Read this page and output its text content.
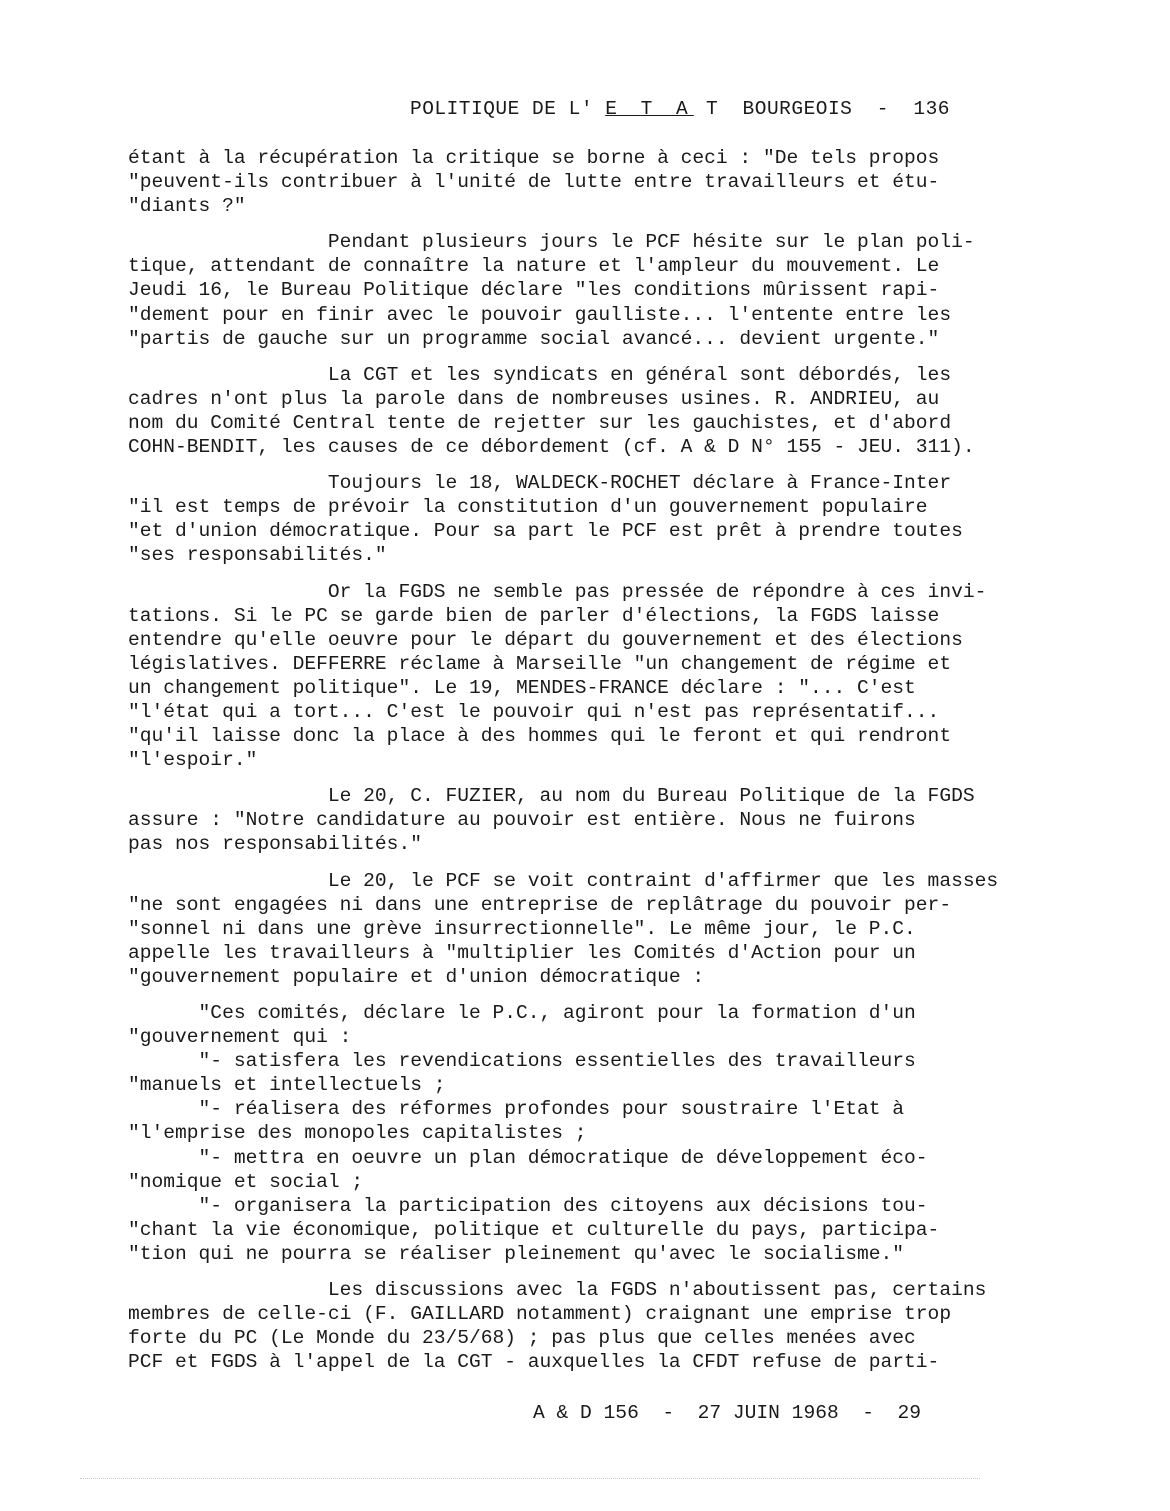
POLITIQUE DE L' E T A T  BOURGEOIS  -  136
étant à la récupération la critique se borne à ceci : "De tels propos
"peuvent-ils contribuer à l'unité de lutte entre travailleurs et étu-
"diants ?"
Pendant plusieurs jours le PCF hésite sur le plan poli-
tique, attendant de connaître la nature et l'ampleur du mouvement. Le
Jeudi 16, le Bureau Politique déclare "les conditions mûrissent rapi-
"dement pour en finir avec le pouvoir gaulliste... l'entente entre les
"partis de gauche sur un programme social avancé... devient urgente."
La CGT et les syndicats en général sont débordés, les
cadres n'ont plus la parole dans de nombreuses usines. R. ANDRIEU, au
nom du Comité Central tente de rejetter sur les gauchistes, et d'abord
COHN-BENDIT, les causes de ce débordement (cf. A & D N° 155 - JEU. 311).
Toujours le 18, WALDECK-ROCHET déclare à France-Inter
"il est temps de prévoir la constitution d'un gouvernement populaire
"et d'union démocratique. Pour sa part le PCF est prêt à prendre toutes
"ses responsabilités."
Or la FGDS ne semble pas pressée de répondre à ces invi-
tations. Si le PC se garde bien de parler d'élections, la FGDS laisse
entendre qu'elle oeuvre pour le départ du gouvernement et des élections
législatives. DEFFERRE réclame à Marseille "un changement de régime et
un changement politique". Le 19, MENDES-FRANCE déclare : "... C'est
"l'état qui a tort... C'est le pouvoir qui n'est pas représentatif...
"qu'il laisse donc la place à des hommes qui le feront et qui rendront
"l'espoir."
Le 20, C. FUZIER, au nom du Bureau Politique de la FGDS
assure : "Notre candidature au pouvoir est entière. Nous ne fuirons
pas nos responsabilités."
Le 20, le PCF se voit contraint d'affirmer que les masses
"ne sont engagées ni dans une entreprise de replâtrage du pouvoir per-
"sonnel ni dans une grève insurrectionnelle". Le même jour, le P.C.
appelle les travailleurs à "multiplier les Comités d'Action pour un
"gouvernement populaire et d'union démocratique :
"Ces comités, déclare le P.C., agiront pour la formation d'un
"gouvernement qui :
"- satisfera les revendications essentielles des travailleurs
"manuels et intellectuels ;
"- réalisera des réformes profondes pour soustraire l'Etat à
"l'emprise des monopoles capitalistes ;
"- mettra en oeuvre un plan démocratique de développement éco-
"nomique et social ;
"- organisera la participation des citoyens aux décisions tou-
"chant la vie économique, politique et culturelle du pays, participa-
"tion qui ne pourra se réaliser pleinement qu'avec le socialisme."
Les discussions avec la FGDS n'aboutissent pas, certains
membres de celle-ci (F. GAILLARD notamment) craignant une emprise trop
forte du PC (Le Monde du 23/5/68) ; pas plus que celles menées avec
PCF et FGDS à l'appel de la CGT - auxquelles la CFDT refuse de parti-
A & D 156  -  27 JUIN 1968  -  29
